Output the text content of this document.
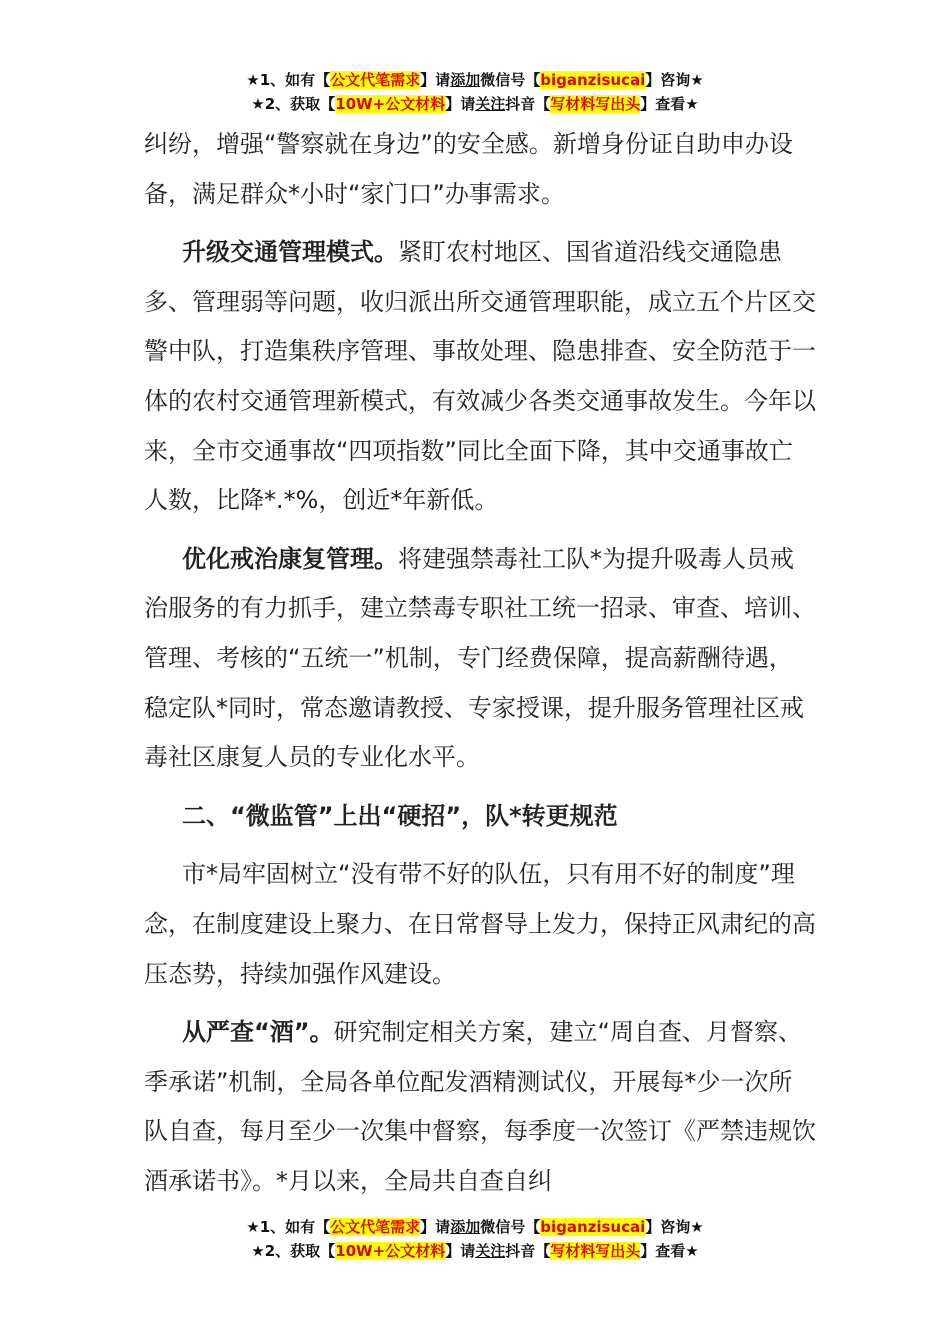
★1、如有【公文代笔需求】请添加微信号【biganzisucai】咨询★
★2、获取【10W+公文材料】请关注抖音【写材料写出头】查看★

纠纷，增强“警察就在身边”的安全感。新增身份证自助申办设备，满足群众*小时“家门口”办事需求。

升级交通管理模式。紧盯农村地区、国省道沿线交通隐患多、管理弱等问题，收归派出所交通管理职能，成立五个片区交警中队，打造集秩序管理、事故处理、隐患排查、安全防范于一体的农村交通管理新模式，有效减少各类交通事故发生。今年以来，全市交通事故“四项指数”同比全面下降，其中交通事故亡人数，比降*.*%，创近*年新低。

优化戒治康复管理。将建强禁毒社工队*为提升吸毒人员戒治服务的有力抓手，建立禁毒专职社工统一招录、审查、培训、管理、考核的“五统一”机制，专门经费保障，提高薪酬待遇，稳定队*同时，常态邀请教授、专家授课，提升服务管理社区戒毒社区康复人员的专业化水平。

二、“微监管”上出“硬招”，队*转更规范

市*局牢固树立“没有带不好的队伍，只有用不好的制度”理念，在制度建设上聚力、在日常督导上发力，保持正风肃纪的高压态势，持续加强作风建设。

从严查“酒”。研究制定相关方案，建立“周自查、月督察、季承诺”机制，全局各单位配发酒精测试仪，开展每*少一次所队自查，每月至少一次集中督察，每季度一次签订《严禁违规饮酒承诺书》。*月以来，全局共自查自纠

★1、如有【公文代笔需求】请添加微信号【biganzisucai】咨询★
★2、获取【10W+公文材料】请关注抖音【写材料写出头】查看★
